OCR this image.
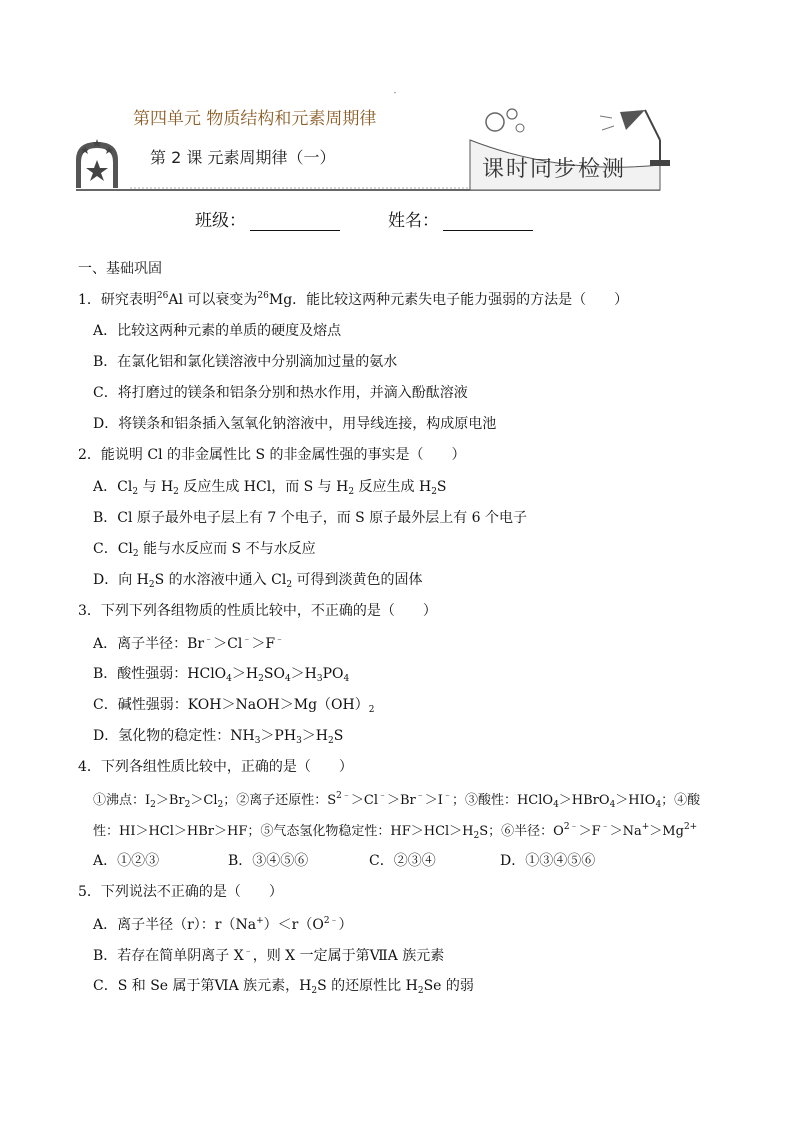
-
第四单元 物质结构和元素周期律
第 2 课 元素周期律（一）	课时同步检测
班级：	姓名：
一、基础巩固
1．研究表明$^{26}$Al 可以衰变为$^{26}$Mg．能比较这两种元素失电子能力强弱的方法是（　　）
A．比较这两种元素的单质的硬度及熔点
B．在氯化铝和氯化镁溶液中分别滴加过量的氨水
C．将打磨过的镁条和铝条分别和热水作用，并滴入酚酞溶液
D．将镁条和铝条插入氢氧化钠溶液中，用导线连接，构成原电池
2．能说明 Cl 的非金属性比 S 的非金属性强的事实是（　　）
A．$Cl_2$ 与 $H_2$ 反应生成 HCl，而 S 与 $H_2$ 反应生成 $H_2S$
B．Cl 原子最外电子层上有 7 个电子，而 S 原子最外层上有 6 个电子
C．$Cl_2$ 能与水反应而 S 不与水反应
D．向 $H_2S$ 的水溶液中通入 $Cl_2$ 可得到淡黄色的固体
3．下列下列各组物质的性质比较中，不正确的是（　　）
A．离子半径：Br﹣＞Cl﹣＞F﹣
B．酸性强弱：$HClO_4>H_2SO_4>H_3PO_4$
C．碱性强弱：$KOH>NaOH>Mg(OH)_2$
D．氢化物的稳定性：$NH_3>PH_3>H_2S$
4．下列各组性质比较中，正确的是（　　）
①沸点：$I_2>Br_2>Cl_2$；②离子还原性：$S^{2﹣}>Cl^﹣>Br^﹣>I^﹣$；③酸性：$HClO_4>HBrO_4>HIO_4$；④酸
性：HI＞HCl＞HBr＞HF；⑤气态氢化物稳定性：$HF>HCl>H_2S$；⑥半径：$O^{2﹣}>F^﹣>Na^+>Mg^{2+}$
A．①②③	B．③④⑤⑥	C．②③④	D．①③④⑤⑥
5．下列说法不正确的是（　　）
A．离子半径（r）：$r(Na^+)<r(O^{2﹣})$
B．若存在简单阴离子 X﹣，则 X 一定属于第ⅦA 族元素
C．S 和 Se 属于第ⅥA 族元素，$H_2S$ 的还原性比 $H_2Se$ 的弱
